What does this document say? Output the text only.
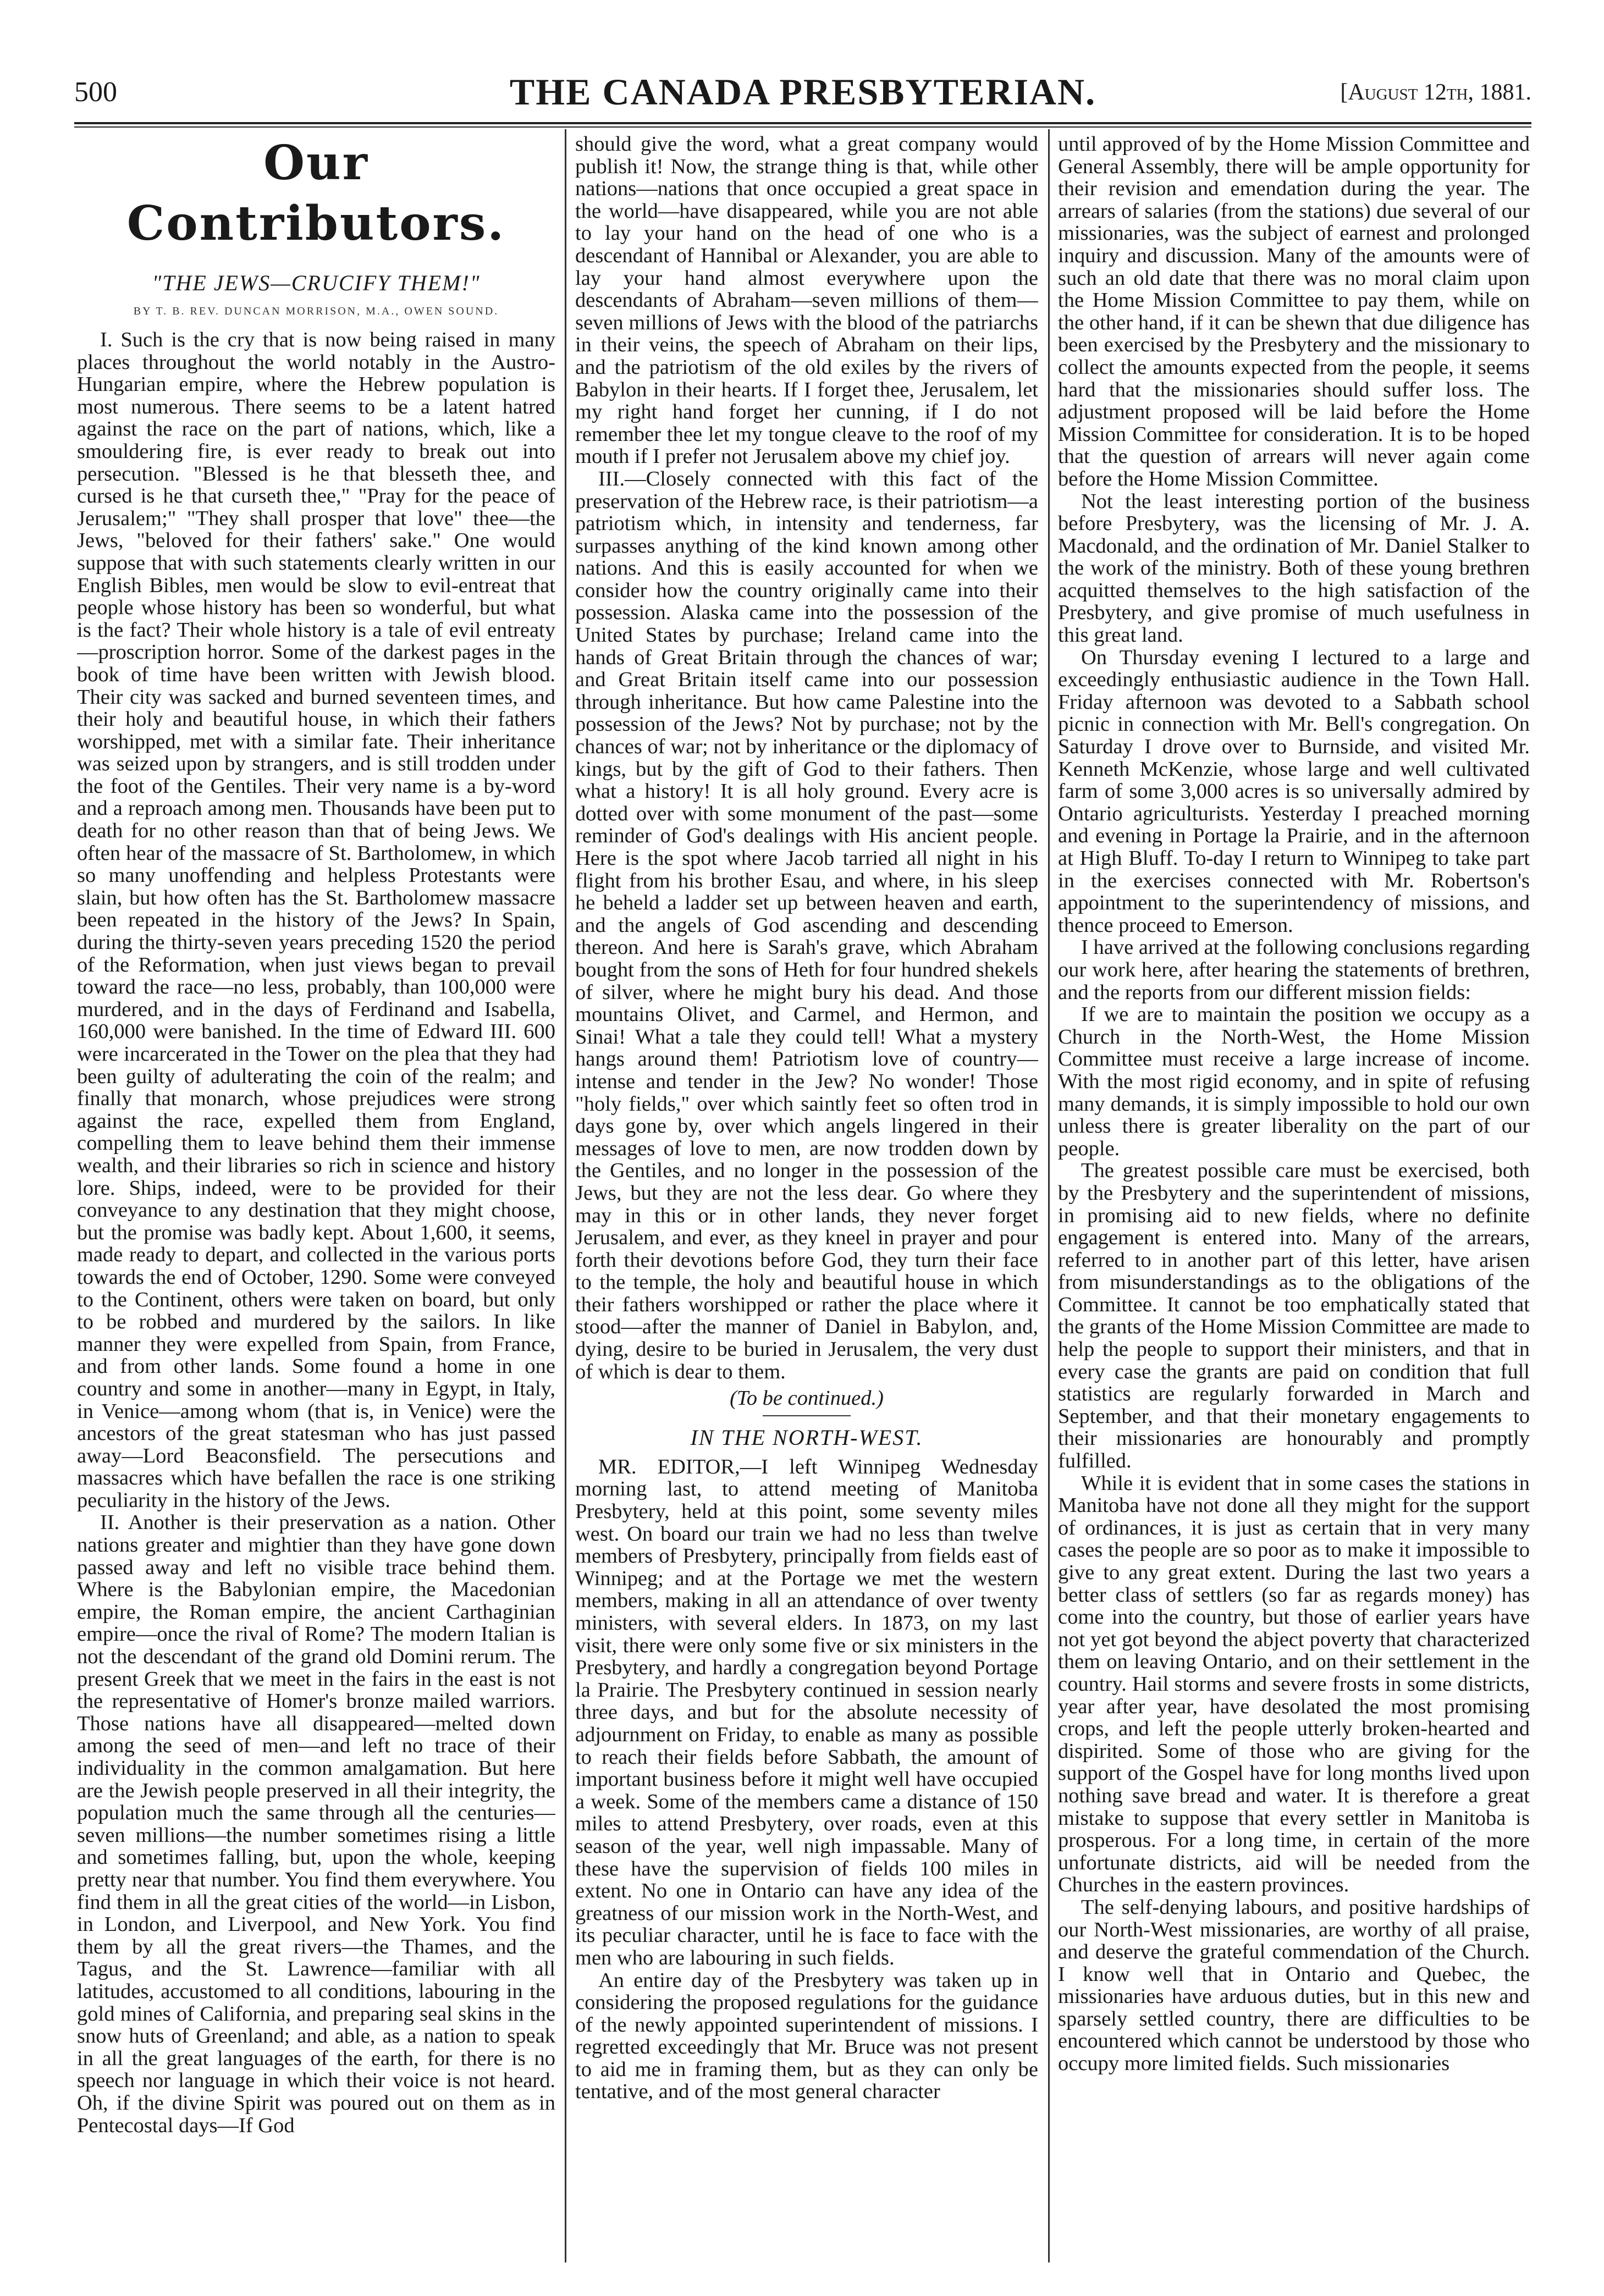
500	THE CANADA PRESBYTERIAN.	[August 12th, 1881.
Our Contributors.
"THE JEWS—CRUCIFY THEM!"
BY T. B. REV. DUNCAN MORRISON, M.A., OWEN SOUND.

I. Such is the cry that is now being raised in many places throughout the world notably in the Austro-Hungarian empire, where the Hebrew population is most numerous. There seems to be a latent hatred against the race on the part of nations, which, like a smouldering fire, is ever ready to break out into persecution. "Blessed is he that blesseth thee, and cursed is he that curseth thee," "Pray for the peace of Jerusalem;" "They shall prosper that love" thee—the Jews, "beloved for their fathers' sake." One would suppose that with such statements clearly written in our English Bibles, men would be slow to evil-entreat that people whose history has been so wonderful, but what is the fact? Their whole history is a tale of evil entreaty—proscription horror. Some of the darkest pages in the book of time have been written with Jewish blood. Their city was sacked and burned seventeen times, and their holy and beautiful house, in which their fathers worshipped, met with a similar fate. Their inheritance was seized upon by strangers, and is still trodden under the foot of the Gentiles. Their very name is a by-word and a reproach among men. Thousands have been put to death for no other reason than that of being Jews. We often hear of the massacre of St. Bartholomew, in which so many unoffending and helpless Protestants were slain, but how often has the St. Bartholomew massacre been repeated in the history of the Jews? In Spain, during the thirty-seven years preceding 1520 the period of the Reformation, when just views began to prevail toward the race—no less, probably, than 100,000 were murdered, and in the days of Ferdinand and Isabella, 160,000 were banished. In the time of Edward III. 600 were incarcerated in the Tower on the plea that they had been guilty of adulterating the coin of the realm; and finally that monarch, whose prejudices were strong against the race, expelled them from England, compelling them to leave behind them their immense wealth, and their libraries so rich in science and history lore. Ships, indeed, were to be provided for their conveyance to any destination that they might choose, but the promise was badly kept. About 1,600, it seems, made ready to depart, and collected in the various ports towards the end of October, 1290. Some were conveyed to the Continent, others were taken on board, but only to be robbed and murdered by the sailors. In like manner they were expelled from Spain, from France, and from other lands. Some found a home in one country and some in another—many in Egypt, in Italy, in Venice—among whom (that is, in Venice) were the ancestors of the great statesman who has just passed away—Lord Beaconsfield. The persecutions and massacres which have befallen the race is one striking peculiarity in the history of the Jews.

II. Another is their preservation as a nation. Other nations greater and mightier than they have gone down passed away and left no visible trace behind them. Where is the Babylonian empire, the Macedonian empire, the Roman empire, the ancient Carthaginian empire—once the rival of Rome? The modern Italian is not the descendant of the grand old Domini rerum. The present Greek that we meet in the fairs in the east is not the representative of Homer's bronze mailed warriors. Those nations have all disappeared—melted down among the seed of men—and left no trace of their individuality in the common amalgamation. But here are the Jewish people preserved in all their integrity, the population much the same through all the centuries—seven millions—the number sometimes rising a little and sometimes falling, but, upon the whole, keeping pretty near that number. You find them everywhere. You find them in all the great cities of the world—in Lisbon, in London, and Liverpool, and New York. You find them by all the great rivers—the Thames, and the Tagus, and the St. Lawrence—familiar with all latitudes, accustomed to all conditions, labouring in the gold mines of California, and preparing seal skins in the snow huts of Greenland; and able, as a nation to speak in all the great languages of the earth, for there is no speech nor language in which their voice is not heard. Oh, if the divine Spirit was poured out on them as in Pentecostal days—If God

should give the word, what a great company would publish it! Now, the strange thing is that, while other nations—nations that once occupied a great space in the world—have disappeared, while you are not able to lay your hand on the head of one who is a descendant of Hannibal or Alexander, you are able to lay your hand almost everywhere upon the descendants of Abraham—seven millions of them—seven millions of Jews with the blood of the patriarchs in their veins, the speech of Abraham on their lips, and the patriotism of the old exiles by the rivers of Babylon in their hearts. If I forget thee, Jerusalem, let my right hand forget her cunning, if I do not remember thee let my tongue cleave to the roof of my mouth if I prefer not Jerusalem above my chief joy.

III.—Closely connected with this fact of the preservation of the Hebrew race, is their patriotism—a patriotism which, in intensity and tenderness, far surpasses anything of the kind known among other nations. And this is easily accounted for when we consider how the country originally came into their possession. Alaska came into the possession of the United States by purchase; Ireland came into the hands of Great Britain through the chances of war; and Great Britain itself came into our possession through inheritance. But how came Palestine into the possession of the Jews? Not by purchase; not by the chances of war; not by inheritance or the diplomacy of kings, but by the gift of God to their fathers. Then what a history! It is all holy ground. Every acre is dotted over with some monument of the past—some reminder of God's dealings with His ancient people. Here is the spot where Jacob tarried all night in his flight from his brother Esau, and where, in his sleep he beheld a ladder set up between heaven and earth, and the angels of God ascending and descending thereon. And here is Sarah's grave, which Abraham bought from the sons of Heth for four hundred shekels of silver, where he might bury his dead. And those mountains Olivet, and Carmel, and Hermon, and Sinai! What a tale they could tell! What a mystery hangs around them! Patriotism love of country—intense and tender in the Jew? No wonder! Those "holy fields," over which saintly feet so often trod in days gone by, over which angels lingered in their messages of love to men, are now trodden down by the Gentiles, and no longer in the possession of the Jews, but they are not the less dear. Go where they may in this or in other lands, they never forget Jerusalem, and ever, as they kneel in prayer and pour forth their devotions before God, they turn their face to the temple, the holy and beautiful house in which their fathers worshipped or rather the place where it stood—after the manner of Daniel in Babylon, and, dying, desire to be buried in Jerusalem, the very dust of which is dear to them.

(To be continued.)
IN THE NORTH-WEST.

MR. EDITOR,—I left Winnipeg Wednesday morning last, to attend meeting of Manitoba Presbytery, held at this point, some seventy miles west. On board our train we had no less than twelve members of Presbytery, principally from fields east of Winnipeg; and at the Portage we met the western members, making in all an attendance of over twenty ministers, with several elders. In 1873, on my last visit, there were only some five or six ministers in the Presbytery, and hardly a congregation beyond Portage la Prairie. The Presbytery continued in session nearly three days, and but for the absolute necessity of adjournment on Friday, to enable as many as possible to reach their fields before Sabbath, the amount of important business before it might well have occupied a week. Some of the members came a distance of 150 miles to attend Presbytery, over roads, even at this season of the year, well nigh impassable. Many of these have the supervision of fields 100 miles in extent. No one in Ontario can have any idea of the greatness of our mission work in the North-West, and its peculiar character, until he is face to face with the men who are labouring in such fields.

An entire day of the Presbytery was taken up in considering the proposed regulations for the guidance of the newly appointed superintendent of missions. I regretted exceedingly that Mr. Bruce was not present to aid me in framing them, but as they can only be tentative, and of the most general character

until approved of by the Home Mission Committee and General Assembly, there will be ample opportunity for their revision and emendation during the year. The arrears of salaries (from the stations) due several of our missionaries, was the subject of earnest and prolonged inquiry and discussion. Many of the amounts were of such an old date that there was no moral claim upon the Home Mission Committee to pay them, while on the other hand, if it can be shewn that due diligence has been exercised by the Presbytery and the missionary to collect the amounts expected from the people, it seems hard that the missionaries should suffer loss. The adjustment proposed will be laid before the Home Mission Committee for consideration. It is to be hoped that the question of arrears will never again come before the Home Mission Committee.

Not the least interesting portion of the business before Presbytery, was the licensing of Mr. J. A. Macdonald, and the ordination of Mr. Daniel Stalker to the work of the ministry. Both of these young brethren acquitted themselves to the high satisfaction of the Presbytery, and give promise of much usefulness in this great land.

On Thursday evening I lectured to a large and exceedingly enthusiastic audience in the Town Hall. Friday afternoon was devoted to a Sabbath school picnic in connection with Mr. Bell's congregation. On Saturday I drove over to Burnside, and visited Mr. Kenneth McKenzie, whose large and well cultivated farm of some 3,000 acres is so universally admired by Ontario agriculturists. Yesterday I preached morning and evening in Portage la Prairie, and in the afternoon at High Bluff. To-day I return to Winnipeg to take part in the exercises connected with Mr. Robertson's appointment to the superintendency of missions, and thence proceed to Emerson.

I have arrived at the following conclusions regarding our work here, after hearing the statements of brethren, and the reports from our different mission fields:

If we are to maintain the position we occupy as a Church in the North-West, the Home Mission Committee must receive a large increase of income. With the most rigid economy, and in spite of refusing many demands, it is simply impossible to hold our own unless there is greater liberality on the part of our people.

The greatest possible care must be exercised, both by the Presbytery and the superintendent of missions, in promising aid to new fields, where no definite engagement is entered into. Many of the arrears, referred to in another part of this letter, have arisen from misunderstandings as to the obligations of the Committee. It cannot be too emphatically stated that the grants of the Home Mission Committee are made to help the people to support their ministers, and that in every case the grants are paid on condition that full statistics are regularly forwarded in March and September, and that their monetary engagements to their missionaries are honourably and promptly fulfilled.

While it is evident that in some cases the stations in Manitoba have not done all they might for the support of ordinances, it is just as certain that in very many cases the people are so poor as to make it impossible to give to any great extent. During the last two years a better class of settlers (so far as regards money) has come into the country, but those of earlier years have not yet got beyond the abject poverty that characterized them on leaving Ontario, and on their settlement in the country. Hail storms and severe frosts in some districts, year after year, have desolated the most promising crops, and left the people utterly broken-hearted and dispirited. Some of those who are giving for the support of the Gospel have for long months lived upon nothing save bread and water. It is therefore a great mistake to suppose that every settler in Manitoba is prosperous. For a long time, in certain of the more unfortunate districts, aid will be needed from the Churches in the eastern provinces.

The self-denying labours, and positive hardships of our North-West missionaries, are worthy of all praise, and deserve the grateful commendation of the Church. I know well that in Ontario and Quebec, the missionaries have arduous duties, but in this new and sparsely settled country, there are difficulties to be encountered which cannot be understood by those who occupy more limited fields. Such missionaries
